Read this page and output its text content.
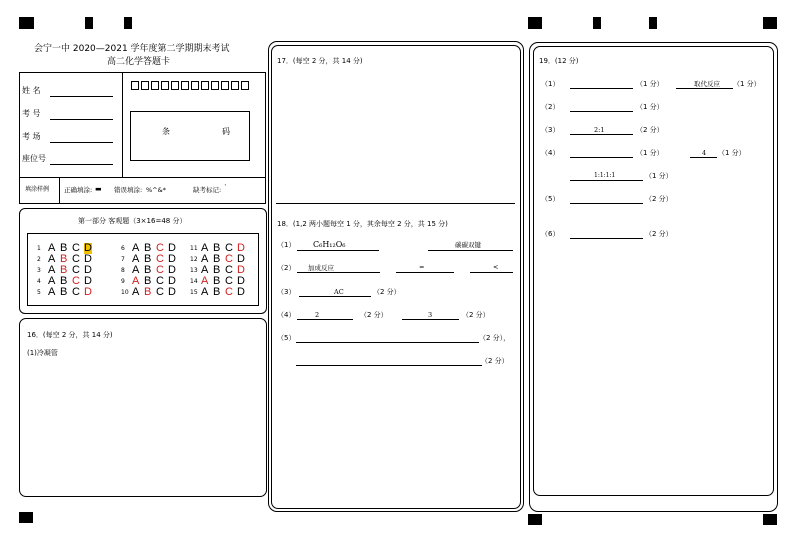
会宁一中 2020—2021 学年度第二学期期末考试
高二化学答题卡
姓 名
考 号
考 场
座位号
条	码
填涂样例 正确填涂: ▬ 错误填涂: %^&*	缺考标记: `
第一部分 客观题（3×16=48 分）
1 A B C D
2 A B C D
3 A B C D
4 A B C D
5 A B C D
6 A B C D
7 A B C D
8 A B C D
9 A B C D
10 A B C D
11 A B C D
12 A B C D
13 A B C D
14 A B C D
15 A B C D
16．(每空 2 分，共 14 分)
(1)冷凝管
17．(每空 2 分，共 14 分)
18．(1,2 两小题每空 1 分，其余每空 2 分，共 15 分)
（1） C₆H₁₂O₆	碳碳双键
（2） 加成反应	=	<
（3）	AC	（2 分）
（4）	2	（2 分）	3	（2 分）
（5）	（2 分），
（2 分）
19．(12 分)
（1）	（1 分）	取代反应 （1 分）
（2）	（1 分）
（3）	2:1	（2 分）
（4）	（1 分）	4 （1 分）
1:1:1:1	（1 分）
（5）	（2 分）
（6）	（2 分）
